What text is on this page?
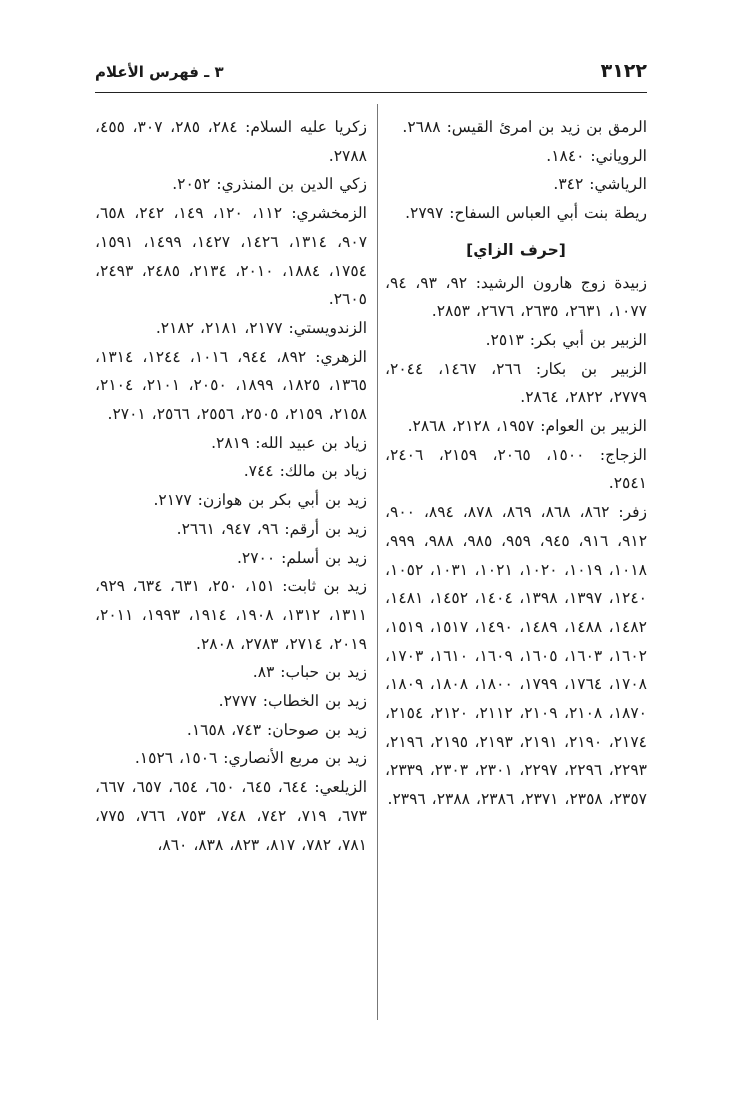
٣١٢٢
٣ ـ فهرس الأعلام

الرمق بن زيد بن امرئ القيس: ٢٦٨٨.

الروياني: ١٨٤٠.

الرياشي: ٣٤٢.

ريطة بنت أبي العباس السفاح: ٢٧٩٧.

[حرف الزاي]

زبيدة زوج هارون الرشيد: ٩٢، ٩٣، ٩٤، ١٠٧٧، ٢٦٣١، ٢٦٣٥، ٢٦٧٦، ٢٨٥٣.

الزبير بن أبي بكر: ٢٥١٣.

الزبير بن بكار: ٢٦٦، ١٤٦٧، ٢٠٤٤، ٢٧٧٩، ٢٨٢٢، ٢٨٦٤.

الزبير بن العوام: ١٩٥٧، ٢١٢٨، ٢٨٦٨.

الزجاج: ١٥٠٠، ٢٠٦٥، ٢١٥٩، ٢٤٠٦، ٢٥٤١.

زفر: ٨٦٢، ٨٦٨، ٨٦٩، ٨٧٨، ٨٩٤، ٩٠٠، ٩١٢، ٩١٦، ٩٤٥، ٩٥٩، ٩٨٥، ٩٨٨، ٩٩٩، ١٠١٨، ١٠١٩، ١٠٢٠، ١٠٢١، ١٠٣١، ١٠٥٢، ١٢٤٠، ١٣٩٧، ١٣٩٨، ١٤٠٤، ١٤٥٢، ١٤٨١، ١٤٨٢، ١٤٨٨، ١٤٨٩، ١٤٩٠، ١٥١٧، ١٥١٩، ١٦٠٢، ١٦٠٣، ١٦٠٥، ١٦٠٩، ١٦١٠، ١٧٠٣، ١٧٠٨، ١٧٦٤، ١٧٩٩، ١٨٠٠، ١٨٠٨، ١٨٠٩، ١٨٧٠، ٢١٠٨، ٢١٠٩، ٢١١٢، ٢١٢٠، ٢١٥٤، ٢١٧٤، ٢١٩٠، ٢١٩١، ٢١٩٣، ٢١٩٥، ٢١٩٦، ٢٢٩٣، ٢٢٩٦، ٢٢٩٧، ٢٣٠١، ٢٣٠٣، ٢٣٣٩، ٢٣٥٧، ٢٣٥٨، ٢٣٧١، ٢٣٨٦، ٢٣٨٨، ٢٣٩٦.

زكريا عليه السلام: ٢٨٤، ٢٨٥، ٣٠٧، ٤٥٥، ٢٧٨٨.

زكي الدين بن المنذري: ٢٠٥٢.

الزمخشري: ١١٢، ١٢٠، ١٤٩، ٢٤٢، ٦٥٨، ٩٠٧، ١٣١٤، ١٤٢٦، ١٤٢٧، ١٤٩٩، ١٥٩١، ١٧٥٤، ١٨٨٤، ٢٠١٠، ٢١٣٤، ٢٤٨٥، ٢٤٩٣، ٢٦٠٥.

الزندويستي: ٢١٧٧، ٢١٨١، ٢١٨٢.

الزهري: ٨٩٢، ٩٤٤، ١٠١٦، ١٢٤٤، ١٣١٤، ١٣٦٥، ١٨٢٥، ١٨٩٩، ٢٠٥٠، ٢١٠١، ٢١٠٤، ٢١٥٨، ٢١٥٩، ٢٥٠٥، ٢٥٥٦، ٢٥٦٦، ٢٧٠١.

زياد بن عبيد الله: ٢٨١٩.

زياد بن مالك: ٧٤٤.

زيد بن أبي بكر بن هوازن: ٢١٧٧.

زيد بن أرقم: ٩٦، ٩٤٧، ٢٦٦١.

زيد بن أسلم: ٢٧٠٠.

زيد بن ثابت: ١٥١، ٢٥٠، ٦٣١، ٦٣٤، ٩٢٩، ١٣١١، ١٣١٢، ١٩٠٨، ١٩١٤، ١٩٩٣، ٢٠١١، ٢٠١٩، ٢٧١٤، ٢٧٨٣، ٢٨٠٨.

زيد بن حباب: ٨٣.

زيد بن الخطاب: ٢٧٧٧.

زيد بن صوحان: ٧٤٣، ١٦٥٨.

زيد بن مربع الأنصاري: ١٥٠٦، ١٥٢٦.

الزيلعي: ٦٤٤، ٦٤٥، ٦٥٠، ٦٥٤، ٦٥٧، ٦٦٧، ٦٧٣، ٧١٩، ٧٤٢، ٧٤٨، ٧٥٣، ٧٦٦، ٧٧٥، ٧٨١، ٧٨٢، ٨١٧، ٨٢٣، ٨٣٨، ٨٦٠،
